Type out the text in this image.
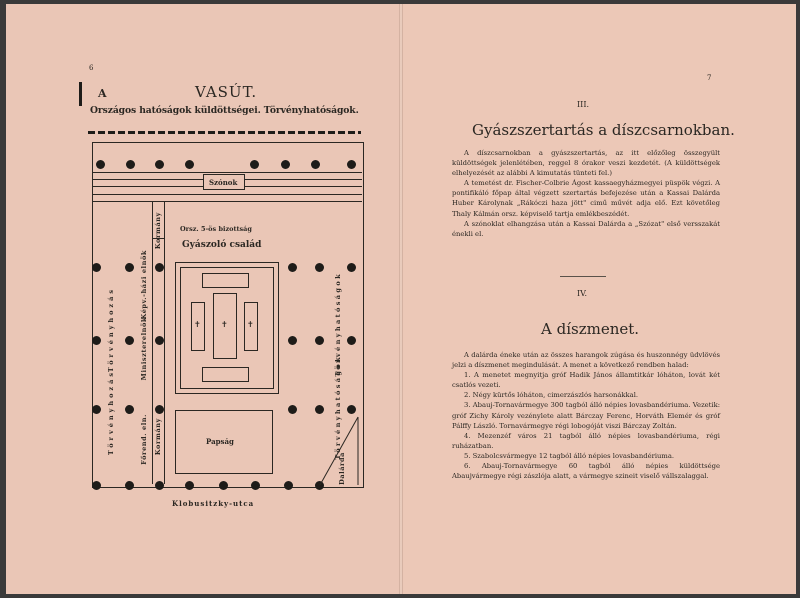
6
A	VASÚT.
Országos hatóságok küldöttségei. Törvényhatóságok.
Szónok
Orsz. 5-ös bizottság
Gyászoló család
✝	✝ ✝
Papság
Dalárda
Törvényhozás
Törvényhozás
Képv.-házi elnök
Kormány
Miniszterelnök
Főrend. eln. Kormány
Törvényhatóságok
Törvényhatóságok
Klobusitzky-utca
7
III.
Gyászszertartás a díszcsarnokban.

A díszcsarnokban a gyászszertartás, az itt előzőleg összegyült küldöttségek jelenlétében, reggel 8 órakor veszi kezdetét. (A küldöttségek elhelyezését az alábbi A kimutatás tünteti fel.)

A temetést dr. Fischer-Colbrie Ágost kassaegyházmegyei püspök végzi. A pontifikáló főpap által végzett szertartás befejezése után a Kassai Dalárda Huber Károlynak „Rákóczi haza jött" cimű művét adja elő. Ezt követőleg Thaly Kálmán orsz. képviselő tartja emlékbeszédét.

A szónoklat elhangzása után a Kassai Dalárda a „Szózat" első versszakát énekli el.

IV.
A díszmenet.

A dalárda éneke után az összes harangok zúgása és huszonnégy üdvlövés jelzi a díszmenet megindulását. A menet a következő rendben halad:

1. A menetet megnyitja gróf Hadik János államtitkár lóháton, lovát két csatlós vezeti.

2. Négy kürtős lóháton, cimerzászlós harsonákkal.

3. Abauj-Tornavármegye 300 tagból álló népies lovasbandériuma. Vezetik: gróf Zichy Károly vezénylete alatt Bárczay Ferenc, Horváth Elemér és gróf Pálffy László. Tornavármegye régi lobogóját viszi Bárczay Zoltán.

4. Mezenzéf város 21 tagból álló népies lovasbandériuma, régi ruházatban.

5. Szabolcsvármegye 12 tagból álló népies lovasbandériuma.

6. Abauj-Tornavármegye 60 tagból álló népies küldöttsége Abaujvármegye régi zászlója alatt, a vármegye szineit viselő vállszalaggal.
